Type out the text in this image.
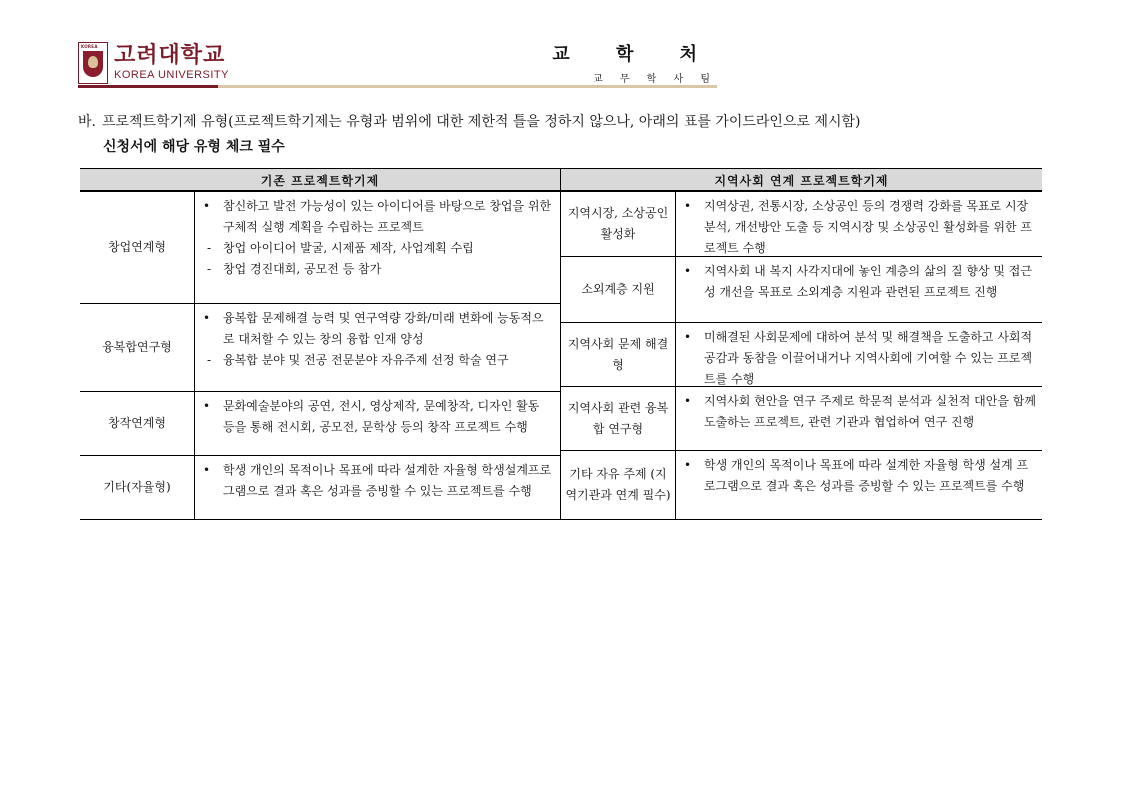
KOREA 고려대학교
KOREA UNIVERSITY
교 학 처
교 무 학 사 팀
바. 프로젝트학기제 유형(프로젝트학기제는 유형과 범위에 대한 제한적 틀을 정하지 않으나, 아래의 표를 가이드라인으로 제시함)
신청서에 해당 유형 체크 필수
기존 프로젝트학기제
창업연계형
•	참신하고 발전 가능성이 있는 아이디어를 바탕으로 창업을 위한 구체적 실행 계획을 수립하는 프로젝트
- 창업 아이디어 발굴, 시제품 제작, 사업계획 수립
- 창업 경진대회, 공모전 등 참가
융복합연구형
•	융복합 문제해결 능력 및 연구역량 강화/미래 변화에 능동적으로 대처할 수 있는 창의 융합 인재 양성
- 융복합 분야 및 전공 전문분야 자유주제 선정 학술 연구
창작연계형
•	문화예술분야의 공연, 전시, 영상제작, 문예창작, 디자인 활동 등을 통해 전시회, 공모전, 문학상 등의 창작 프로젝트 수행
기타(자율형)
•	학생 개인의 목적이나 목표에 따라 설계한 자율형 학생설계프로그램으로 결과 혹은 성과를 증빙할 수 있는 프로젝트를 수행
지역사회 연계 프로젝트학기제
지역시장, 소상공인 활성화
•	지역상권, 전통시장, 소상공인 등의 경쟁력 강화를 목표로 시장 분석, 개선방안 도출 등 지역시장 및 소상공인 활성화를 위한 프로젝트 수행
소외계층 지원
•	지역사회 내 복지 사각지대에 놓인 계층의 삶의 질 향상 및 접근성 개선을 목표로 소외계층 지원과 관련된 프로젝트 진행
지역사회 문제 해결형
•	미해결된 사회문제에 대하여 분석 및 해결책을 도출하고 사회적 공감과 동참을 이끌어내거나 지역사회에 기여할 수 있는 프로젝트를 수행
지역사회 관련 융복합 연구형
•	지역사회 현안을 연구 주제로 학문적 분석과 실천적 대안을 함께 도출하는 프로젝트, 관련 기관과 협업하여 연구 진행
기타 자유 주제 (지역기관과 연계 필수)
•	학생 개인의 목적이나 목표에 따라 설계한 자율형 학생 설계 프로그램으로 결과 혹은 성과를 증빙할 수 있는 프로젝트를 수행
